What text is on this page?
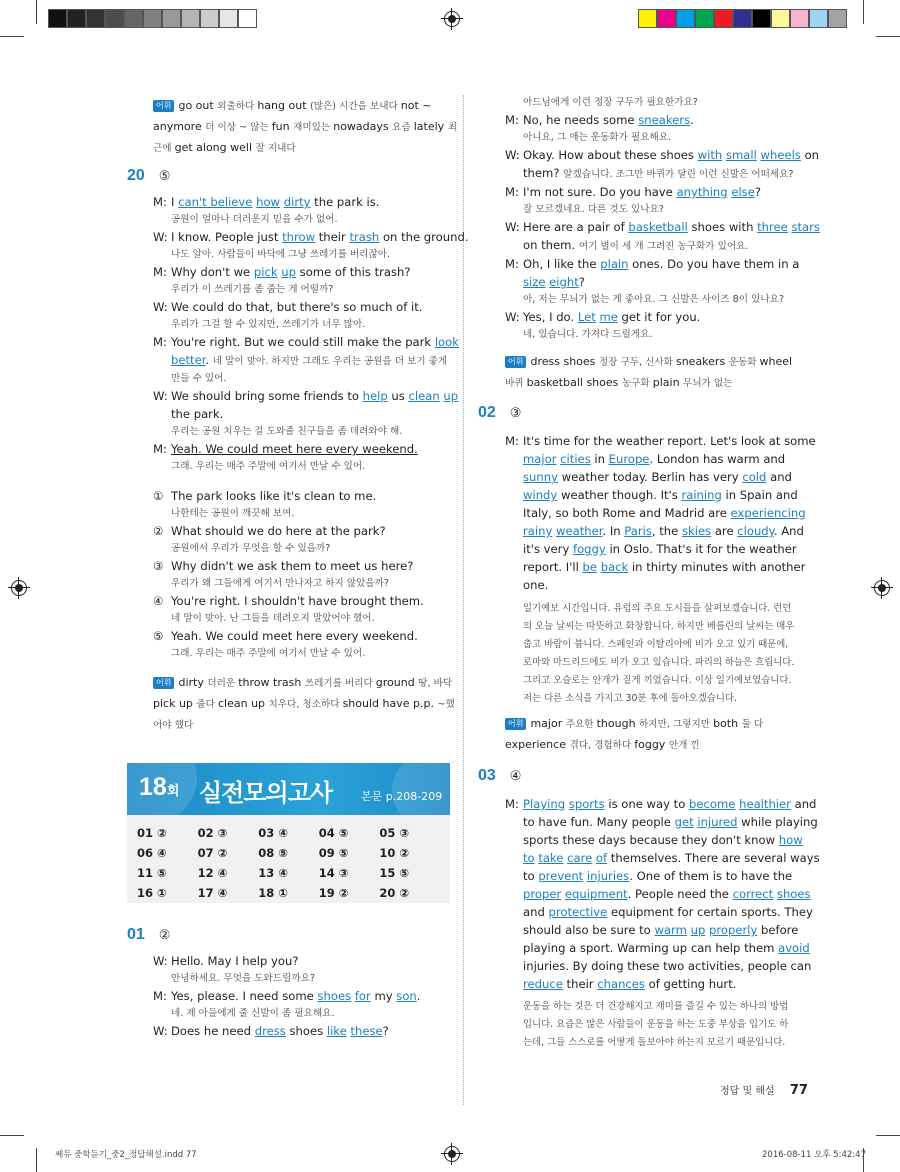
어휘 go out 외출하다 hang out (많은) 시간을 보내다 not ~
anymore 더 이상 ~ 않는 fun 재미있는 nowadays 요즘 lately 최
근에 get along well 잘 지내다
20 ⑤
M: I can't believe how dirty the park is.
공원이 얼마나 더러운지 믿을 수가 없어.
W: I know. People just throw their trash on the ground.
나도 알아. 사람들이 바닥에 그냥 쓰레기를 버리잖아.
M: Why don't we pick up some of this trash?
우리가 이 쓰레기를 좀 줍는 게 어떨까?
W: We could do that, but there's so much of it.
우리가 그걸 할 수 있지만, 쓰레기가 너무 많아.
M: You're right. But we could still make the park look
better. 네 말이 맞아. 하지만 그래도 우리는 공원을 더 보기 좋게
만들 수 있어.
W: We should bring some friends to help us clean up
the park.
우리는 공원 치우는 걸 도와줄 친구들을 좀 데려와야 해.
M: Yeah. We could meet here every weekend.
그래. 우리는 매주 주말에 여기서 만날 수 있어.
① The park looks like it's clean to me.
나한테는 공원이 깨끗해 보여.
② What should we do here at the park?
공원에서 우리가 무엇을 할 수 있을까?
③ Why didn't we ask them to meet us here?
우리가 왜 그들에게 여기서 만나자고 하지 않았을까?
④ You're right. I shouldn't have brought them.
네 말이 맞아. 난 그들을 데려오지 말았어야 했어.
⑤ Yeah. We could meet here every weekend.
그래. 우리는 매주 주말에 여기서 만날 수 있어.
어휘 dirty 더러운 throw trash 쓰레기를 버리다 ground 땅, 바닥
pick up 줍다 clean up 치우다, 청소하다 should have p.p. ~했
어야 했다
18회 실전모의고사	본문 p.208-209
01 ②	02 ③	03 ④	04 ⑤	05 ③
06 ④	07 ②	08 ⑤	09 ⑤	10 ②
11 ⑤	12 ④	13 ④	14 ③	15 ⑤
16 ①	17 ④	18 ①	19 ②	20 ②
01 ②
W: Hello. May I help you?
안녕하세요. 무엇을 도와드릴까요?
M: Yes, please. I need some shoes for my son.
네. 제 아들에게 줄 신발이 좀 필요해요.
W: Does he need dress shoes like these?
아드님에게 이런 정장 구두가 필요한가요?
M: No, he needs some sneakers.
아니요, 그 애는 운동화가 필요해요.
W: Okay. How about these shoes with small wheels on
them? 알겠습니다. 조그만 바퀴가 달린 이런 신발은 어떠세요?
M: I'm not sure. Do you have anything else?
잘 모르겠네요. 다른 것도 있나요?
W: Here are a pair of basketball shoes with three stars
on them. 여기 별이 세 개 그려진 농구화가 있어요.
M: Oh, I like the plain ones. Do you have them in a
size eight?
아, 저는 무늬가 없는 게 좋아요. 그 신발은 사이즈 8이 있나요?
W: Yes, I do. Let me get it for you.
네, 있습니다. 가져다 드릴게요.
어휘 dress shoes 정장 구두, 신사화 sneakers 운동화 wheel
바퀴 basketball shoes 농구화 plain 무늬가 없는
02 ③
M: It's time for the weather report. Let's look at some
major cities in Europe. London has warm and
sunny weather today. Berlin has very cold and
windy weather though. It's raining in Spain and
Italy, so both Rome and Madrid are experiencing
rainy weather. In Paris, the skies are cloudy. And
it's very foggy in Oslo. That's it for the weather
report. I'll be back in thirty minutes with another
one.
일기예보 시간입니다. 유럽의 주요 도시들을 살펴보겠습니다. 런던
의 오늘 날씨는 따뜻하고 화창합니다. 하지만 베를린의 날씨는 매우
춥고 바람이 붑니다. 스페인과 이탈리아에 비가 오고 있기 때문에,
로마와 마드리드에도 비가 오고 있습니다. 파리의 하늘은 흐립니다.
그리고 오슬로는 안개가 짙게 끼었습니다. 이상 일기예보였습니다.
저는 다른 소식을 가지고 30분 후에 돌아오겠습니다.
어휘 major 주요한 though 하지만, 그렇지만 both 둘 다
experience 겪다, 경험하다 foggy 안개 낀
03 ④
M: Playing sports is one way to become healthier and
to have fun. Many people get injured while playing
sports these days because they don't know how
to take care of themselves. There are several ways
to prevent injuries. One of them is to have the
proper equipment. People need the correct shoes
and protective equipment for certain sports. They
should also be sure to warm up properly before
playing a sport. Warming up can help them avoid
injuries. By doing these two activities, people can
reduce their chances of getting hurt.
운동을 하는 것은 더 건강해지고 재미를 즐길 수 있는 하나의 방법
입니다. 요즘은 많은 사람들이 운동을 하는 도중 부상을 입기도 하
는데, 그들 스스로를 어떻게 돌보아야 하는지 모르기 때문입니다.
정답 및 해설 77
쎄듀 중학듣기_중2_정답해설.indd 77	2016-08-11 오후 5:42:47
